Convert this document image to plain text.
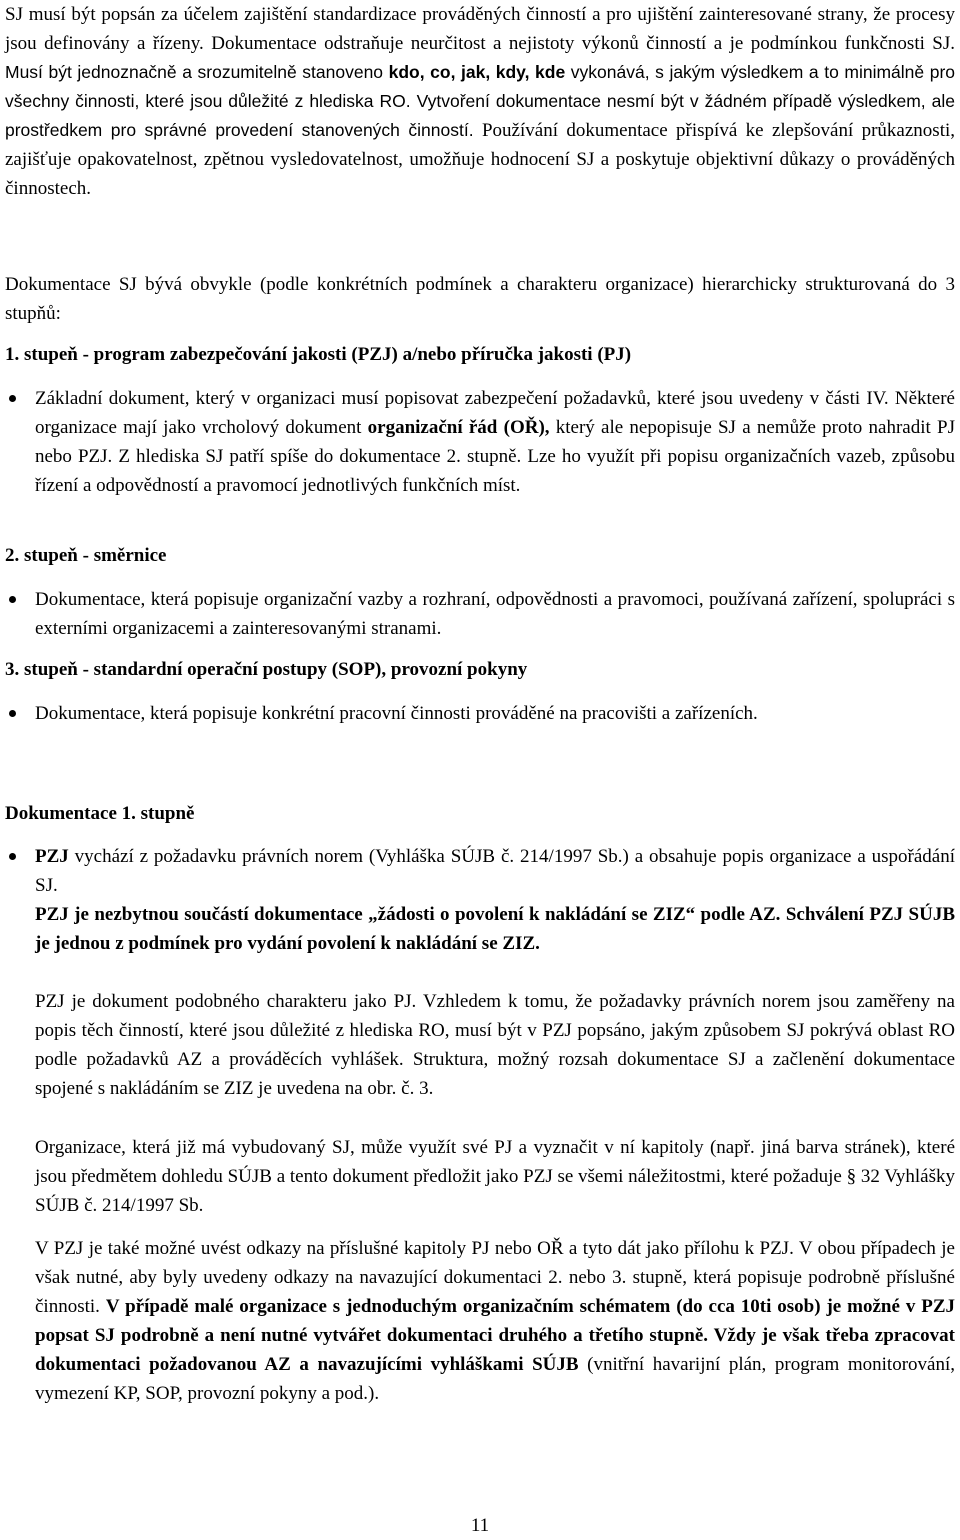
SJ musí být popsán za účelem zajištění standardizace prováděných činností a pro ujištění zainteresované strany, že procesy jsou definovány a řízeny. Dokumentace odstraňuje neurčitost a nejistoty výkonů činností a je podmínkou funkčnosti SJ. Musí být jednoznačně a srozumitelně stanoveno kdo, co, jak, kdy, kde vykonává, s jakým výsledkem a to minimálně pro všechny činnosti, které jsou důležité z hlediska RO. Vytvoření dokumentace nesmí být v žádném případě výsledkem, ale prostředkem pro správné provedení stanovených činností. Používání dokumentace přispívá ke zlepšování průkaznosti, zajišťuje opakovatelnost, zpětnou vysledovatelnost, umožňuje hodnocení SJ a poskytuje objektivní důkazy o prováděných činnostech.
Dokumentace SJ bývá obvykle (podle konkrétních podmínek a charakteru organizace) hierarchicky strukturovaná do 3 stupňů:
1. stupeň - program zabezpečování jakosti (PZJ) a/nebo příručka jakosti (PJ)
Základní dokument, který v organizaci musí popisovat zabezpečení požadavků, které jsou uvedeny v části IV. Některé organizace mají jako vrcholový dokument organizační řád (OŘ), který ale nepopisuje SJ a nemůže proto nahradit PJ nebo PZJ. Z hlediska SJ patří spíše do dokumentace 2. stupně. Lze ho využít při popisu organizačních vazeb, způsobu řízení a odpovědností a pravomocí jednotlivých funkčních míst.
2. stupeň - směrnice
Dokumentace, která popisuje organizační vazby a rozhraní, odpovědnosti a pravomoci, používaná zařízení, spolupráci s externími organizacemi a zainteresovanými stranami.
3. stupeň - standardní operační postupy (SOP), provozní pokyny
Dokumentace, která popisuje konkrétní pracovní činnosti prováděné na pracovišti a zařízeních.
Dokumentace 1. stupně
PZJ vychází z požadavku právních norem (Vyhláška SÚJB č. 214/1997 Sb.) a obsahuje popis organizace a uspořádání SJ.
PZJ je nezbytnou součástí dokumentace „žádosti o povolení k nakládání se ZIZ“ podle AZ. Schválení PZJ SÚJB je jednou z podmínek pro vydání povolení k nakládání se ZIZ.
PZJ je dokument podobného charakteru jako PJ. Vzhledem k tomu, že požadavky právních norem jsou zaměřeny na popis těch činností, které jsou důležité z hlediska RO, musí být v PZJ popsáno, jakým způsobem SJ pokrývá oblast RO podle požadavků AZ a prováděcích vyhlášek. Struktura, možný rozsah dokumentace SJ a začlenění dokumentace spojené s nakládáním se ZIZ je uvedena na obr. č. 3.
Organizace, která již má vybudovaný SJ, může využít své PJ a vyznačit v ní kapitoly (např. jiná barva stránek), které jsou předmětem dohledu SÚJB a tento dokument předložit jako PZJ se všemi náležitostmi, které požaduje § 32 Vyhlášky SÚJB č. 214/1997 Sb.
V PZJ je také možné uvést odkazy na příslušné kapitoly PJ nebo OŘ a tyto dát jako přílohu k PZJ. V obou případech je však nutné, aby byly uvedeny odkazy na navazující dokumentaci 2. nebo 3. stupně, která popisuje podrobně příslušné činnosti. V případě malé organizace s jednoduchým organizačním schématem (do cca 10ti osob) je možné v PZJ popsat SJ podrobně a není nutné vytvářet dokumentaci druhého a třetího stupně. Vždy je však třeba zpracovat dokumentaci požadovanou AZ a navazujícími vyhláškami SÚJB (vnitřní havarijní plán, program monitorování, vymezení KP, SOP, provozní pokyny a pod.).
11
